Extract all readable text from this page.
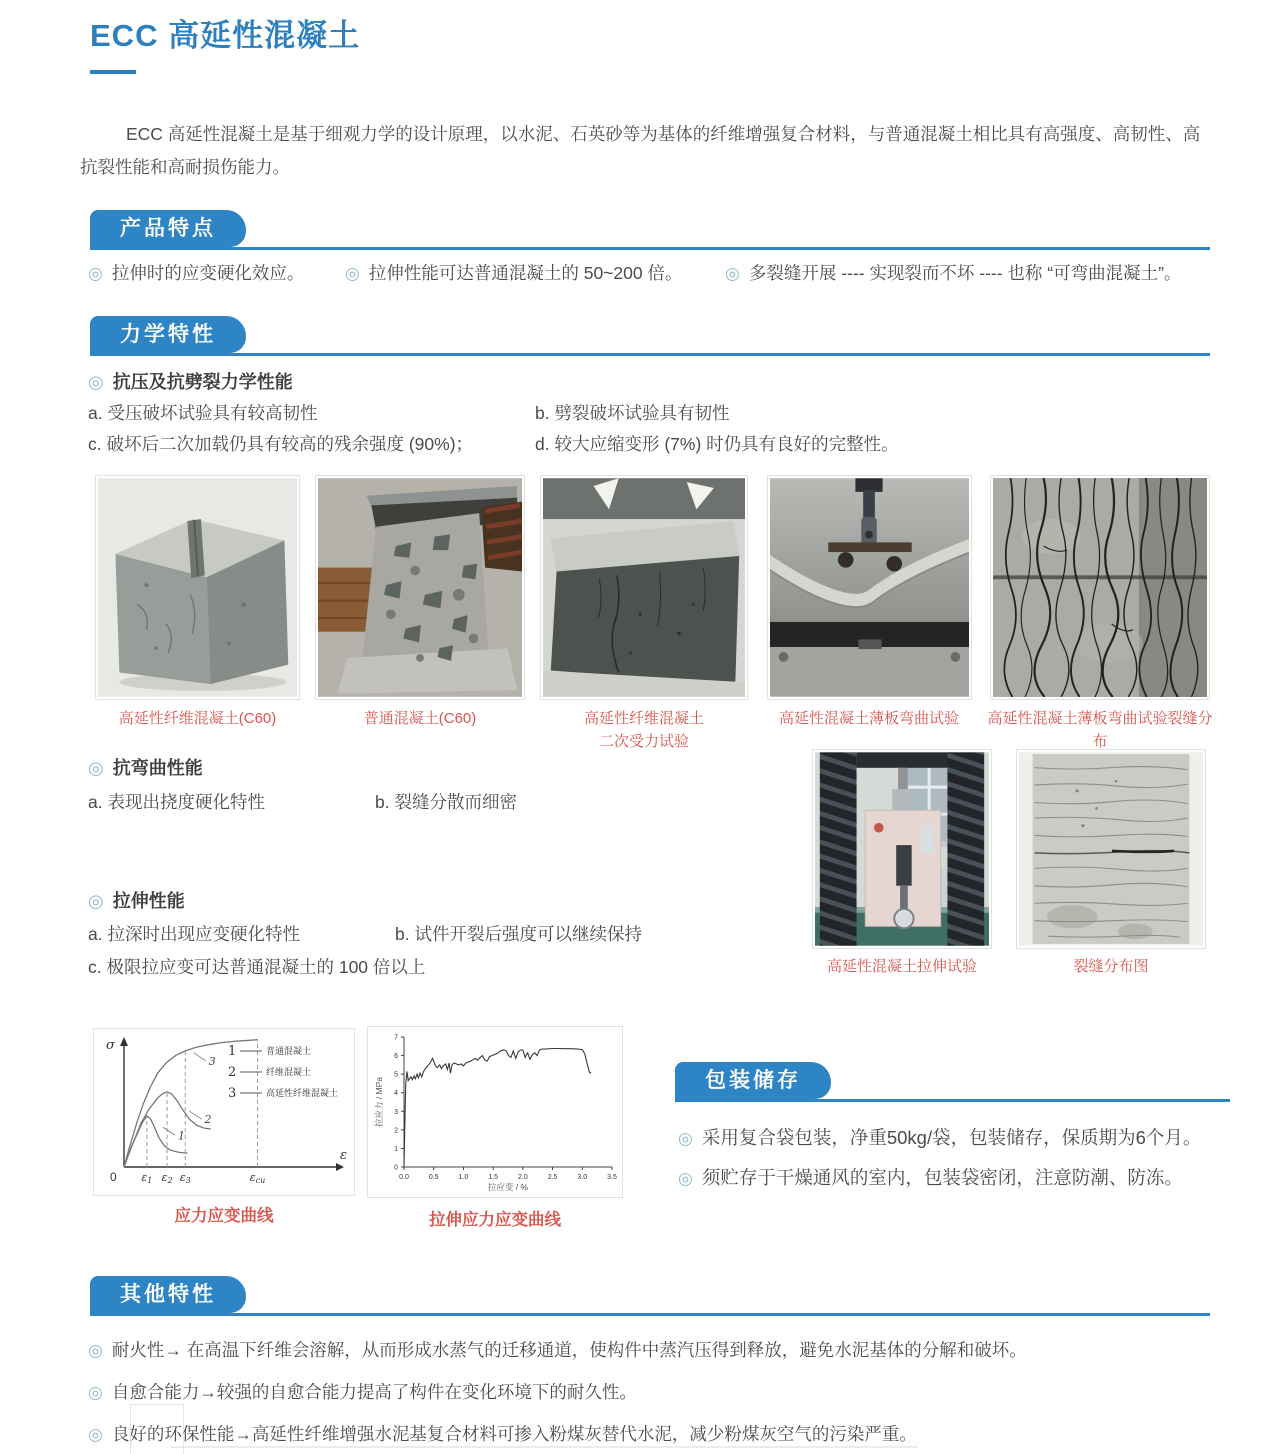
ECC 高延性混凝土
ECC 高延性混凝土是基于细观力学的设计原理，以水泥、石英砂等为基体的纤维增强复合材料，与普通混凝土相比具有高强度、高韧性、高抗裂性能和高耐损伤能力。
产品特点
◎ 拉伸时的应变硬化效应。	◎ 拉伸性能可达普通混凝土的 50~200 倍。	◎ 多裂缝开展 ---- 实现裂而不坏 ---- 也称 “可弯曲混凝土”。
力学特性
◎ 抗压及抗劈裂力学性能
a. 受压破坏试验具有较高韧性	b. 劈裂破坏试验具有韧性
c. 破坏后二次加载仍具有较高的残余强度 (90%)；	d. 较大应缩变形 (7%) 时仍具有良好的完整性。
高延性纤维混凝土(C60)	普通混凝土(C60)	高延性纤维混凝土
二次受力试验
高延性混凝土薄板弯曲试验	高延性混凝土薄板弯曲试验裂缝分布
◎ 抗弯曲性能
a. 表现出挠度硬化特性	b. 裂缝分散而细密
◎ 拉伸性能
a. 拉深时出现应变硬化特性	b. 试件开裂后强度可以继续保持
c. 极限拉应变可达普通混凝土的 100 倍以上	高延性混凝土拉伸试验	裂缝分布图
σ
ε
0 ε1 ε2 ε3	εcu
1
2
3
1	普通混凝土
2	纤维混凝土
3	高延性纤维混凝土
应力应变曲线
0.0	0.5	1.0	1.5	2.0	2.5	3.0	3.5
0
1
2
3
4
5
6
7
拉应变 / %
拉应力 / MPa
拉伸应力应变曲线
包装储存
◎ 采用复合袋包装，净重50kg/袋，包装储存，保质期为6个月。
◎ 须贮存于干燥通风的室内，包装袋密闭，注意防潮、防冻。
其他特性
◎ 耐火性→ 在高温下纤维会溶解，从而形成水蒸气的迁移通道，使构件中蒸汽压得到释放，避免水泥基体的分解和破坏。
◎ 自愈合能力→较强的自愈合能力提高了构件在变化环境下的耐久性。
◎ 良好的环保性能→高延性纤维增强水泥基复合材料可掺入粉煤灰替代水泥，减少粉煤灰空气的污染严重。
